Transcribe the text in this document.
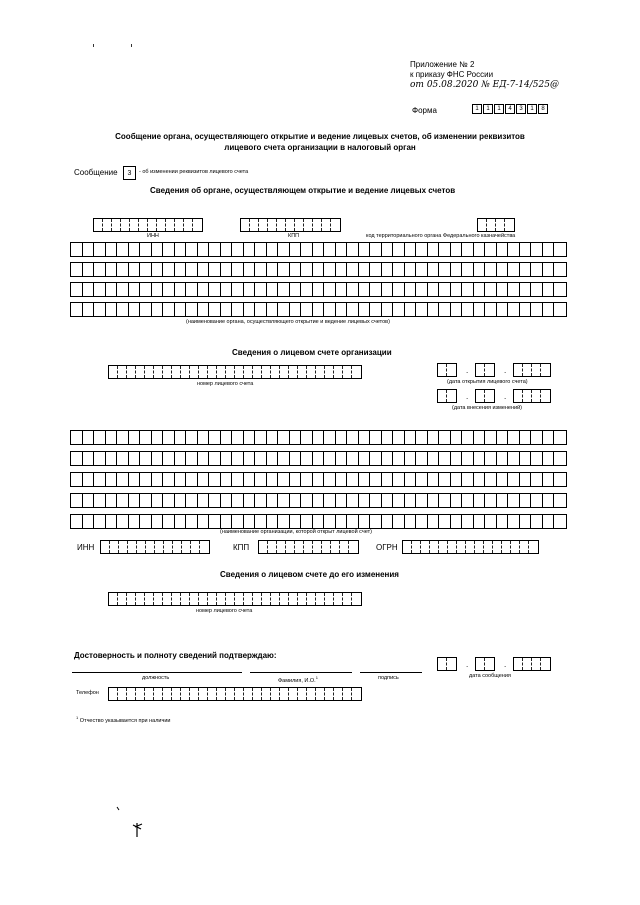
Приложение № 2
к приказу ФНС России
от 05.08.2020 № ЕД-7-14/525@
Форма	1	1	1	4	3	1	8
Сообщение органа, осуществляющего открытие и ведение лицевых счетов, об изменении реквизитов
лицевого счета организации в налоговый орган
Сообщение	3	- об изменении реквизитов лицевого счета
Сведения об органе, осуществляющем открытие и ведение лицевых счетов
ИНН	КПП	код территориального органа Федерального казначейства
(наименование органа, осуществляющего открытие и ведение лицевых счетов)
Сведения о лицевом счете организации
номер лицевого счета
.	.
(дата открытия лицевого счета)
.	.
(дата внесения изменений)
(наименование организации, которой открыт лицевой счет)
ИНН	КПП	ОГРН
Сведения о лицевом счете до его изменения
номер лицевого счета
Достоверность и полноту сведений подтверждаю:
.	.
дата сообщения
должность	Фамилия, И.О.$^1$	подпись
Телефон
$^1$ Отчество указывается при наличии
